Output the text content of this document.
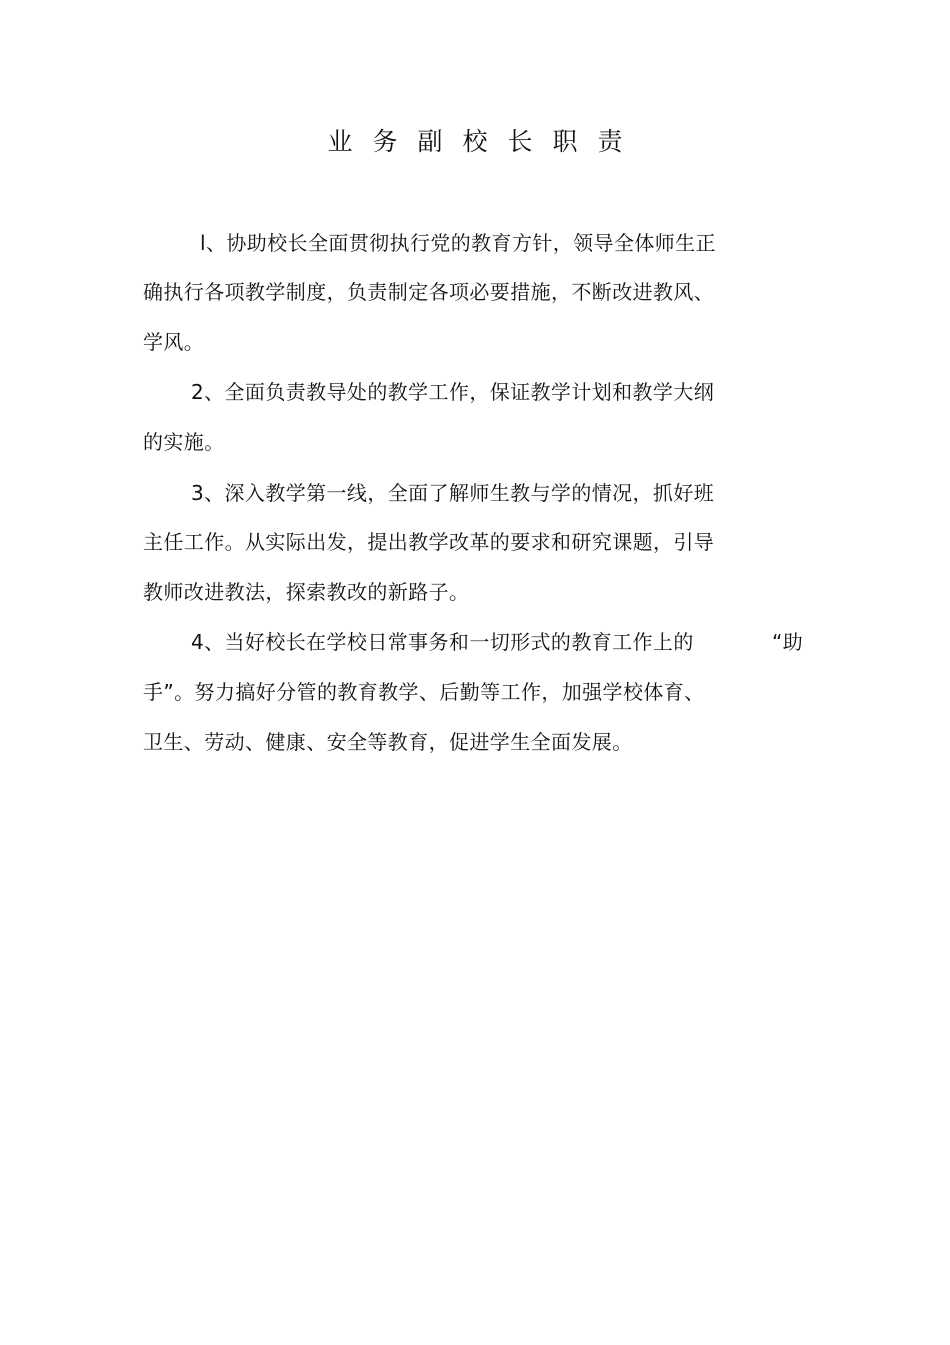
业务副校长职责
l、协助校长全面贯彻执行党的教育方针，领导全体师生正
确执行各项教学制度，负责制定各项必要措施，不断改进教风、
学风。
2、全面负责教导处的教学工作，保证教学计划和教学大纲
的实施。
3、深入教学第一线，全面了解师生教与学的情况，抓好班
主任工作。从实际出发，提出教学改革的要求和研究课题，引导
教师改进教法，探索教改的新路子。
4、当好校长在学校日常事务和一切形式的教育工作上的	“助
手”。努力搞好分管的教育教学、后勤等工作，加强学校体育、
卫生、劳动、健康、安全等教育，促进学生全面发展。
